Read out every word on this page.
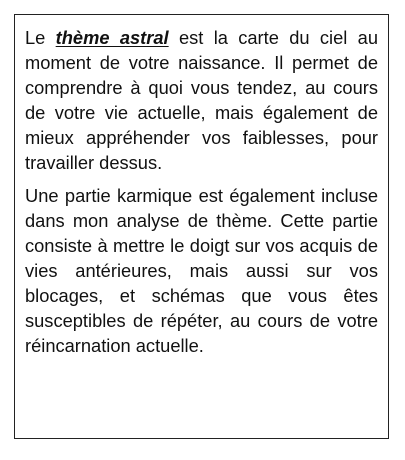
Le thème astral est la carte du ciel au moment de votre naissance. Il permet de comprendre à quoi vous tendez, au cours de votre vie actuelle, mais également de mieux appréhender vos faiblesses, pour travailler dessus.

Une partie karmique est également incluse dans mon analyse de thème. Cette partie consiste à mettre le doigt sur vos acquis de vies antérieures, mais aussi sur vos blocages, et schémas que vous êtes susceptibles de répéter, au cours de votre réincarnation actuelle.
